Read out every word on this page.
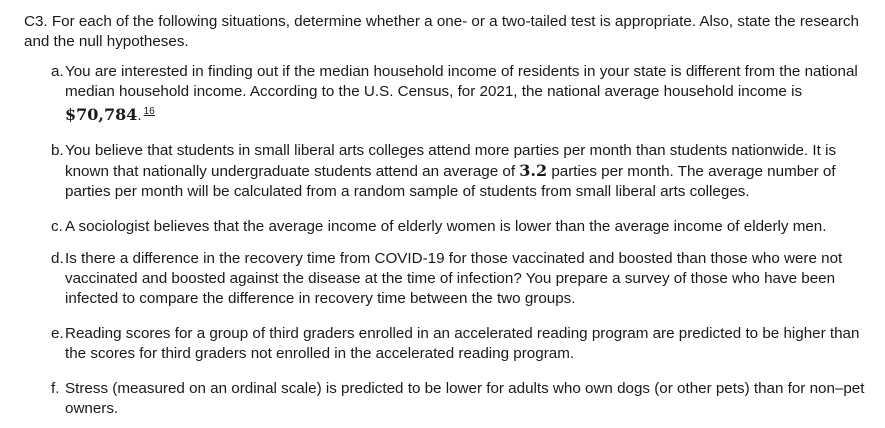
C3. For each of the following situations, determine whether a one- or a two-tailed test is appropriate. Also, state the research and the null hypotheses.

a. You are interested in finding out if the median household income of residents in your state is different from the national median household income. According to the U.S. Census, for 2021, the national average household income is $70,784. $^{16}$
b. You believe that students in small liberal arts colleges attend more parties per month than students nationwide. It is known that nationally undergraduate students attend an average of 3.2 parties per month. The average number of parties per month will be calculated from a random sample of students from small liberal arts colleges.
c. A sociologist believes that the average income of elderly women is lower than the average income of elderly men.
d. Is there a difference in the recovery time from COVID-19 for those vaccinated and boosted than those who were not vaccinated and boosted against the disease at the time of infection? You prepare a survey of those who have been infected to compare the difference in recovery time between the two groups.
e. Reading scores for a group of third graders enrolled in an accelerated reading program are predicted to be higher than the scores for third graders not enrolled in the accelerated reading program.
f. Stress (measured on an ordinal scale) is predicted to be lower for adults who own dogs (or other pets) than for non–pet owners.
